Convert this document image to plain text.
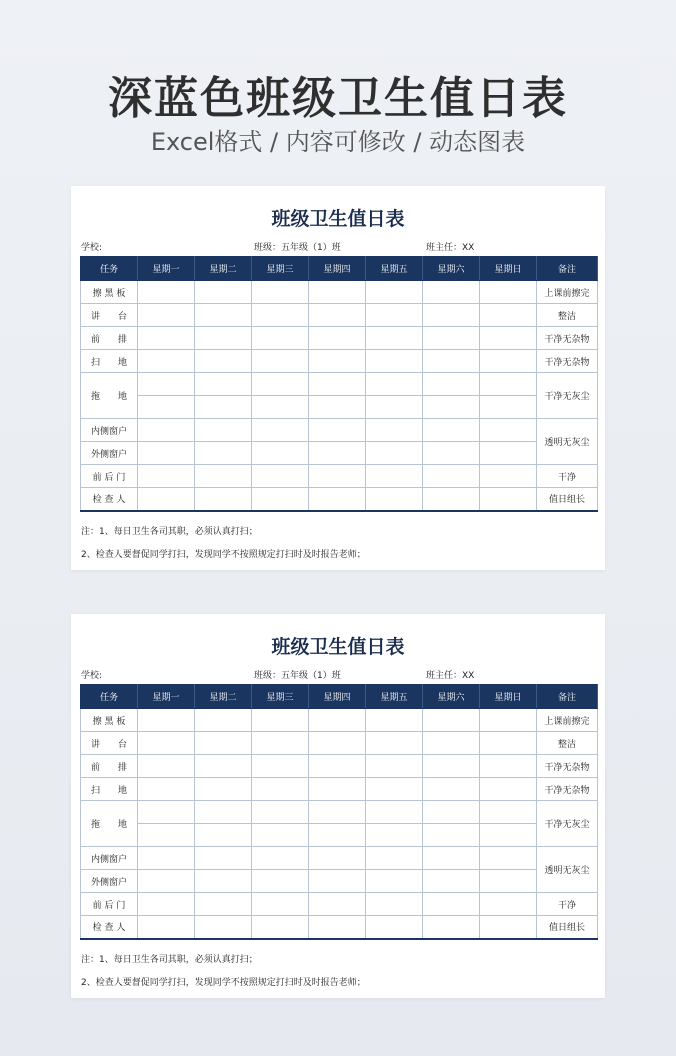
深蓝色班级卫生值日表
Excel格式 / 内容可修改 / 动态图表
班级卫生值日表
学校:	班级：五年级（1）班	班主任：XX
任务	星期一	星期二	星期三	星期四	星期五	星期六	星期日	备注
擦 黑 板								上课前擦完
讲　　台								整洁
前　　排								干净无杂物
扫　　地								干净无杂物
拖　　地								干净无灰尘

内侧窗户								透明无灰尘
外侧窗户								
前 后 门								干净
检 查 人								值日组长
注：1、每日卫生各司其职，必须认真打扫；
2、检查人要督促同学打扫，发现同学不按照规定打扫时及时报告老师；
班级卫生值日表
学校:	班级：五年级（1）班	班主任：XX
任务	星期一	星期二	星期三	星期四	星期五	星期六	星期日	备注
擦 黑 板								上课前擦完
讲　　台								整洁
前　　排								干净无杂物
扫　　地								干净无杂物
拖　　地								干净无灰尘

内侧窗户								透明无灰尘
外侧窗户								
前 后 门								干净
检 查 人								值日组长
注：1、每日卫生各司其职，必须认真打扫；
2、检查人要督促同学打扫，发现同学不按照规定打扫时及时报告老师；
